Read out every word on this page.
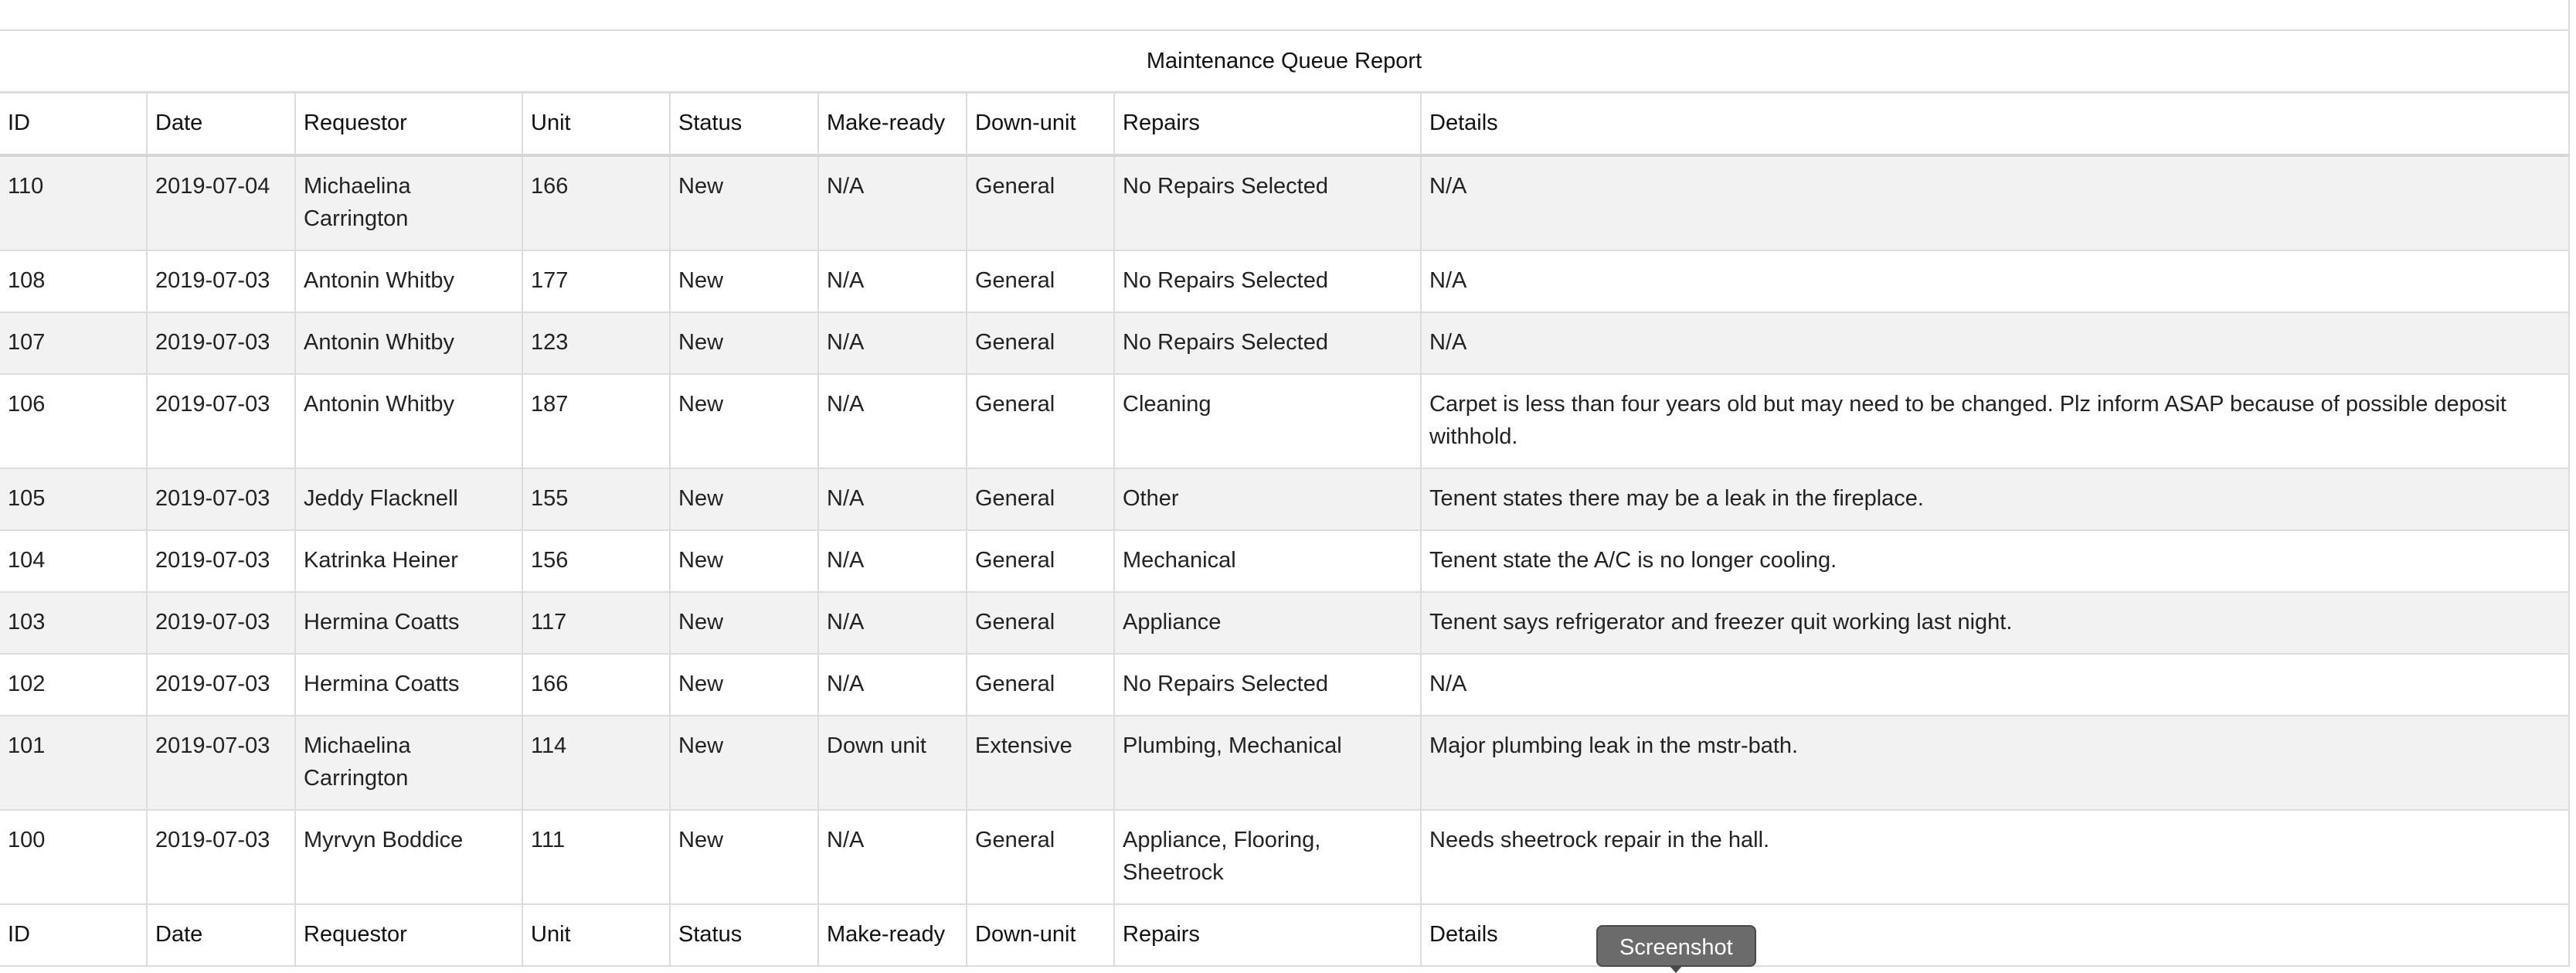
Maintenance Queue Report
ID	Date	Requestor	Unit	Status	Make-ready	Down-unit	Repairs	Details
110	2019-07-04	Michaelina Carrington	166	New	N/A	General	No Repairs Selected	N/A
108	2019-07-03	Antonin Whitby	177	New	N/A	General	No Repairs Selected	N/A
107	2019-07-03	Antonin Whitby	123	New	N/A	General	No Repairs Selected	N/A
106	2019-07-03	Antonin Whitby	187	New	N/A	General	Cleaning	Carpet is less than four years old but may need to be changed. Plz inform ASAP because of possible deposit withhold.
105	2019-07-03	Jeddy Flacknell	155	New	N/A	General	Other	Tenent states there may be a leak in the fireplace.
104	2019-07-03	Katrinka Heiner	156	New	N/A	General	Mechanical	Tenent state the A/C is no longer cooling.
103	2019-07-03	Hermina Coatts	117	New	N/A	General	Appliance	Tenent says refrigerator and freezer quit working last night.
102	2019-07-03	Hermina Coatts	166	New	N/A	General	No Repairs Selected	N/A
101	2019-07-03	Michaelina Carrington	114	New	Down unit	Extensive	Plumbing, Mechanical	Major plumbing leak in the mstr-bath.
100	2019-07-03	Myrvyn Boddice	111	New	N/A	General	Appliance, Flooring, Sheetrock	Needs sheetrock repair in the hall.
ID	Date	Requestor	Unit	Status	Make-ready	Down-unit	Repairs	Details
Screenshot
